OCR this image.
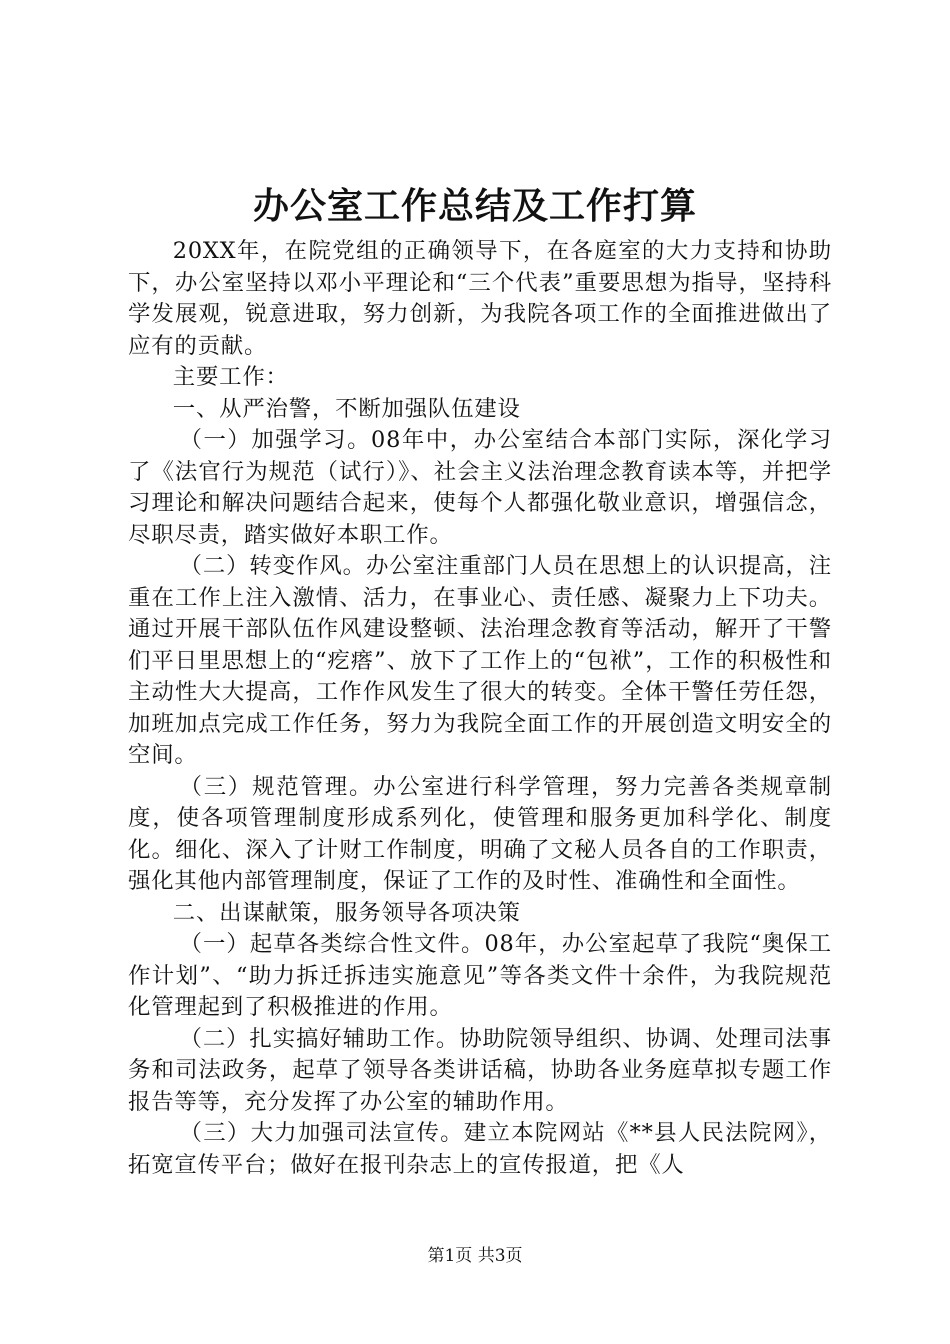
办公室工作总结及工作打算

20XX年，在院党组的正确领导下，在各庭室的大力支持和协助下，办公室坚持以邓小平理论和“三个代表”重要思想为指导，坚持科学发展观，锐意进取，努力创新，为我院各项工作的全面推进做出了应有的贡献。

主要工作：

一、从严治警，不断加强队伍建设

（一）加强学习。08年中，办公室结合本部门实际，深化学习了《法官行为规范（试行）》、社会主义法治理念教育读本等，并把学习理论和解决问题结合起来，使每个人都强化敬业意识，增强信念，尽职尽责，踏实做好本职工作。

（二）转变作风。办公室注重部门人员在思想上的认识提高，注重在工作上注入激情、活力，在事业心、责任感、凝聚力上下功夫。通过开展干部队伍作风建设整顿、法治理念教育等活动，解开了干警们平日里思想上的“疙瘩”、放下了工作上的“包袱”，工作的积极性和主动性大大提高，工作作风发生了很大的转变。全体干警任劳任怨，加班加点完成工作任务，努力为我院全面工作的开展创造文明安全的空间。

（三）规范管理。办公室进行科学管理，努力完善各类规章制度，使各项管理制度形成系列化，使管理和服务更加科学化、制度化。细化、深入了计财工作制度，明确了文秘人员各自的工作职责，强化其他内部管理制度，保证了工作的及时性、准确性和全面性。

二、出谋献策，服务领导各项决策

（一）起草各类综合性文件。08年，办公室起草了我院“奥保工作计划”、“助力拆迁拆违实施意见”等各类文件十余件，为我院规范化管理起到了积极推进的作用。

（二）扎实搞好辅助工作。协助院领导组织、协调、处理司法事务和司法政务，起草了领导各类讲话稿，协助各业务庭草拟专题工作报告等等，充分发挥了办公室的辅助作用。

（三）大力加强司法宣传。建立本院网站《**县人民法院网》，拓宽宣传平台；做好在报刊杂志上的宣传报道，把《人

第1页 共3页
